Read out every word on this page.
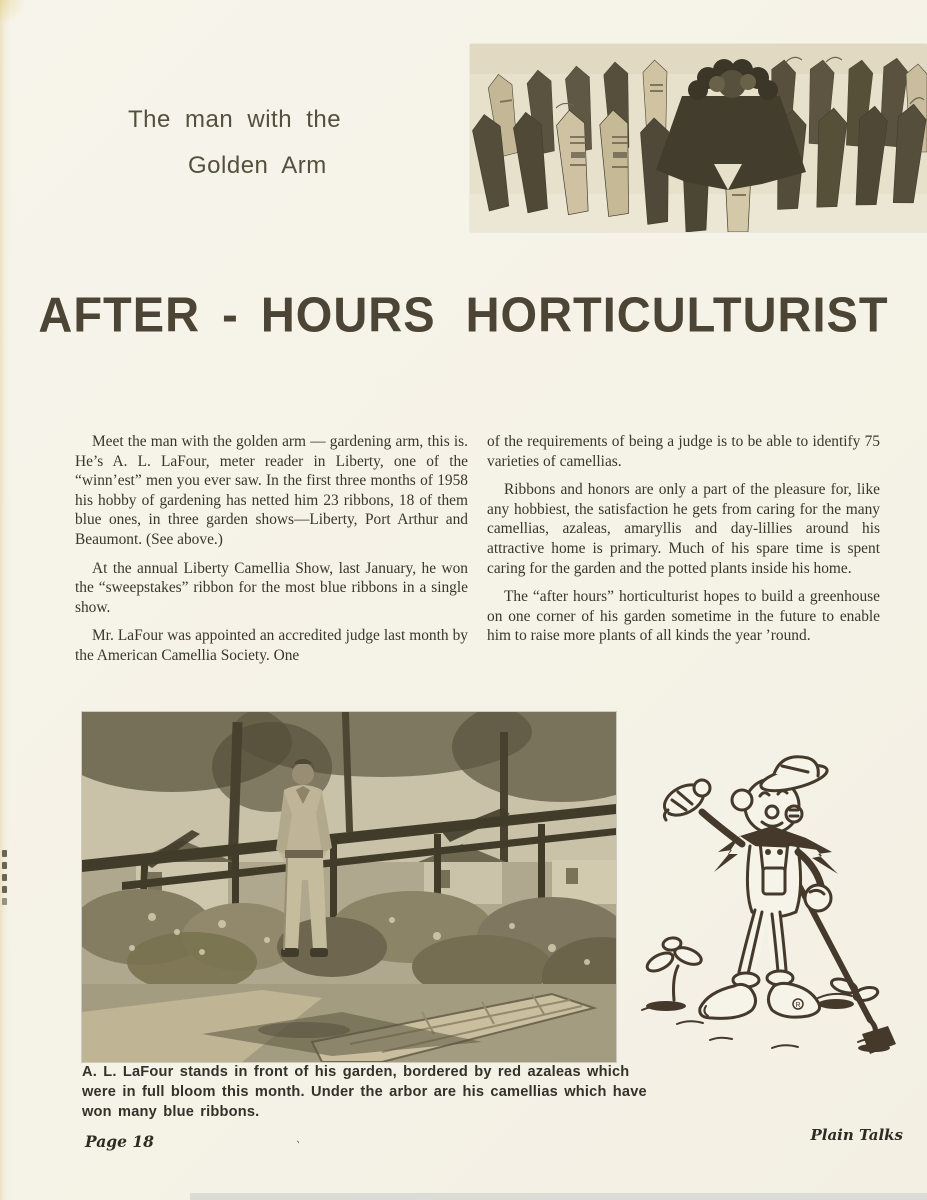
The man with the
Golden Arm
AFTER - HOURS HORTICULTURIST

Meet the man with the golden arm — gardening arm, this is. He’s A. L. LaFour, meter reader in Liberty, one of the “winn’est” men you ever saw. In the first three months of 1958 his hobby of gardening has netted him 23 ribbons, 18 of them blue ones, in three garden shows—Liberty, Port Arthur and Beaumont. (See above.)

At the annual Liberty Camellia Show, last January, he won the “sweepstakes” ribbon for the most blue ribbons in a single show.

Mr. LaFour was appointed an accredited judge last month by the American Camellia Society. One

of the requirements of being a judge is to be able to identify 75 varieties of camellias.

Ribbons and honors are only a part of the pleasure for, like any hobbiest, the satisfaction he gets from caring for the many camellias, azaleas, amaryllis and day-lillies around his attractive home is primary. Much of his spare time is spent caring for the garden and the potted plants inside his home.

The “after hours” horticulturist hopes to build a greenhouse on one corner of his garden sometime in the future to enable him to raise more plants of all kinds the year ’round.

R

A. L. LaFour stands in front of his garden, bordered by red azaleas which were in full bloom this month. Under the arbor are his camellias which have won many blue ribbons.

Page 18	Plain Talks
`
